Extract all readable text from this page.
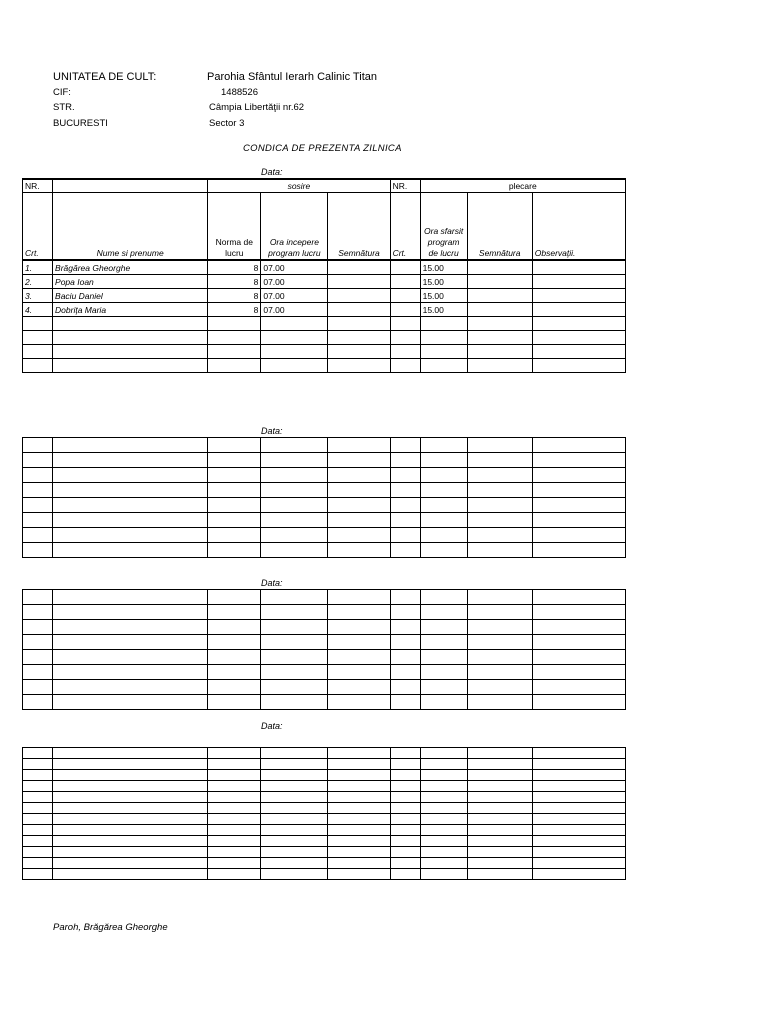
UNITATEA DE CULT:	Parohia Sfântul Ierarh Calinic Titan
CIF:	1488526
STR.	Câmpia Libertăţii nr.62
BUCURESTI	Sector 3
CONDICA DE PREZENTA ZILNICA
Data:
NR.		sosire			NR.	plecare		
Crt.	Nume si prenume	Norma de lucru	Ora incepere program lucru	Semnătura	Crt.	Ora sfarsit program de lucru	Semnătura	Observaţii.
1.	Brăgărea Gheorghe	8	07.00			15.00		
2.	Popa Ioan	8	07.00			15.00		
3.	Baciu Daniel	8	07.00			15.00		
4.	Dobriţa Maria	8	07.00			15.00		

Data:

Data:

Data:

Paroh, Brăgărea Gheorghe
